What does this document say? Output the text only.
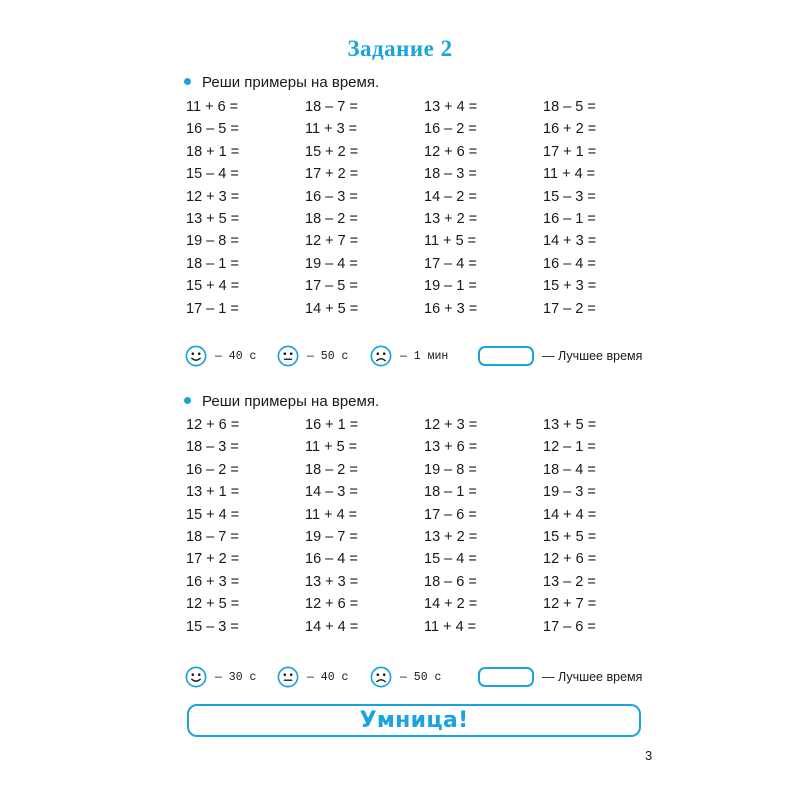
Задание 2
Реши примеры на время.
11 + 6 =	18 – 7 =	13 + 4 =	18 – 5 =
16 – 5 =	11 + 3 =	16 – 2 =	16 + 2 =
18 + 1 =	15 + 2 =	12 + 6 =	17 + 1 =
15 – 4 =	17 + 2 =	18 – 3 =	11 + 4 =
12 + 3 =	16 – 3 =	14 – 2 =	15 – 3 =
13 + 5 =	18 – 2 =	13 + 2 =	16 – 1 =
19 – 8 =	12 + 7 =	11 + 5 =	14 + 3 =
18 – 1 =	19 – 4 =	17 – 4 =	16 – 4 =
15 + 4 =	17 – 5 =	19 – 1 =	15 + 3 =
17 – 1 =	14 + 5 =	16 + 3 =	17 – 2 =
— 40 с	— 50 с	— 1 мин	— Лучшее время
Реши примеры на время.
12 + 6 =	16 + 1 =	12 + 3 =	13 + 5 =
18 – 3 =	11 + 5 =	13 + 6 =	12 – 1 =
16 – 2 =	18 – 2 =	19 – 8 =	18 – 4 =
13 + 1 =	14 – 3 =	18 – 1 =	19 – 3 =
15 + 4 =	11 + 4 =	17 – 6 =	14 + 4 =
18 – 7 =	19 – 7 =	13 + 2 =	15 + 5 =
17 + 2 =	16 – 4 =	15 – 4 =	12 + 6 =
16 + 3 =	13 + 3 =	18 – 6 =	13 – 2 =
12 + 5 =	12 + 6 =	14 + 2 =	12 + 7 =
15 – 3 =	14 + 4 =	11 + 4 =	17 – 6 =
— 30 с	— 40 с	— 50 с	— Лучшее время
Умница!
3
